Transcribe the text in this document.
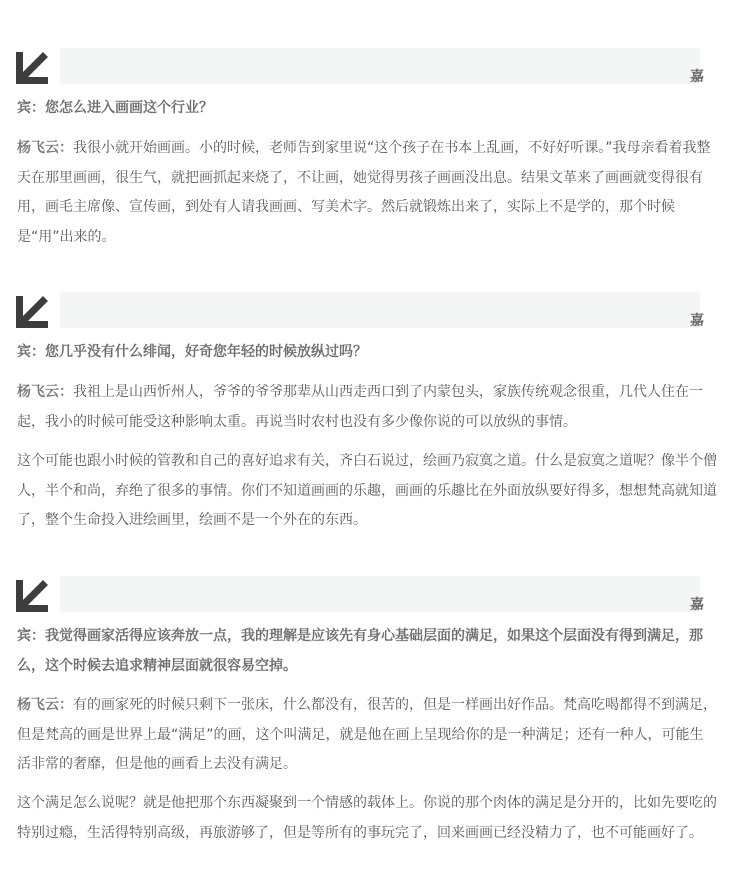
嘉

宾：您怎么进入画画这个行业？

杨飞云：我很小就开始画画。小的时候，老师告到家里说“这个孩子在书本上乱画，不好好听课。”我母亲看着我整天在那里画画，很生气，就把画抓起来烧了，不让画，她觉得男孩子画画没出息。结果文革来了画画就变得很有用，画毛主席像、宣传画，到处有人请我画画、写美术字。然后就锻炼出来了，实际上不是学的，那个时候是“用”出来的。

嘉

宾：您几乎没有什么绯闻，好奇您年轻的时候放纵过吗？

杨飞云：我祖上是山西忻州人，爷爷的爷爷那辈从山西走西口到了内蒙包头，家族传统观念很重，几代人住在一起，我小的时候可能受这种影响太重。再说当时农村也没有多少像你说的可以放纵的事情。

这个可能也跟小时候的管教和自己的喜好追求有关，齐白石说过，绘画乃寂寞之道。什么是寂寞之道呢？像半个僧人，半个和尚，弃绝了很多的事情。你们不知道画画的乐趣，画画的乐趣比在外面放纵要好得多，想想梵高就知道了，整个生命投入进绘画里，绘画不是一个外在的东西。

嘉

宾：我觉得画家活得应该奔放一点，我的理解是应该先有身心基础层面的满足，如果这个层面没有得到满足，那么，这个时候去追求精神层面就很容易空掉。

杨飞云：有的画家死的时候只剩下一张床，什么都没有，很苦的，但是一样画出好作品。梵高吃喝都得不到满足，但是梵高的画是世界上最“满足”的画，这个叫满足，就是他在画上呈现给你的是一种满足；还有一种人，可能生活非常的奢靡，但是他的画看上去没有满足。

这个满足怎么说呢？就是他把那个东西凝聚到一个情感的载体上。你说的那个肉体的满足是分开的，比如先要吃的特别过瘾，生活得特别高级，再旅游够了，但是等所有的事玩完了，回来画画已经没精力了，也不可能画好了。
